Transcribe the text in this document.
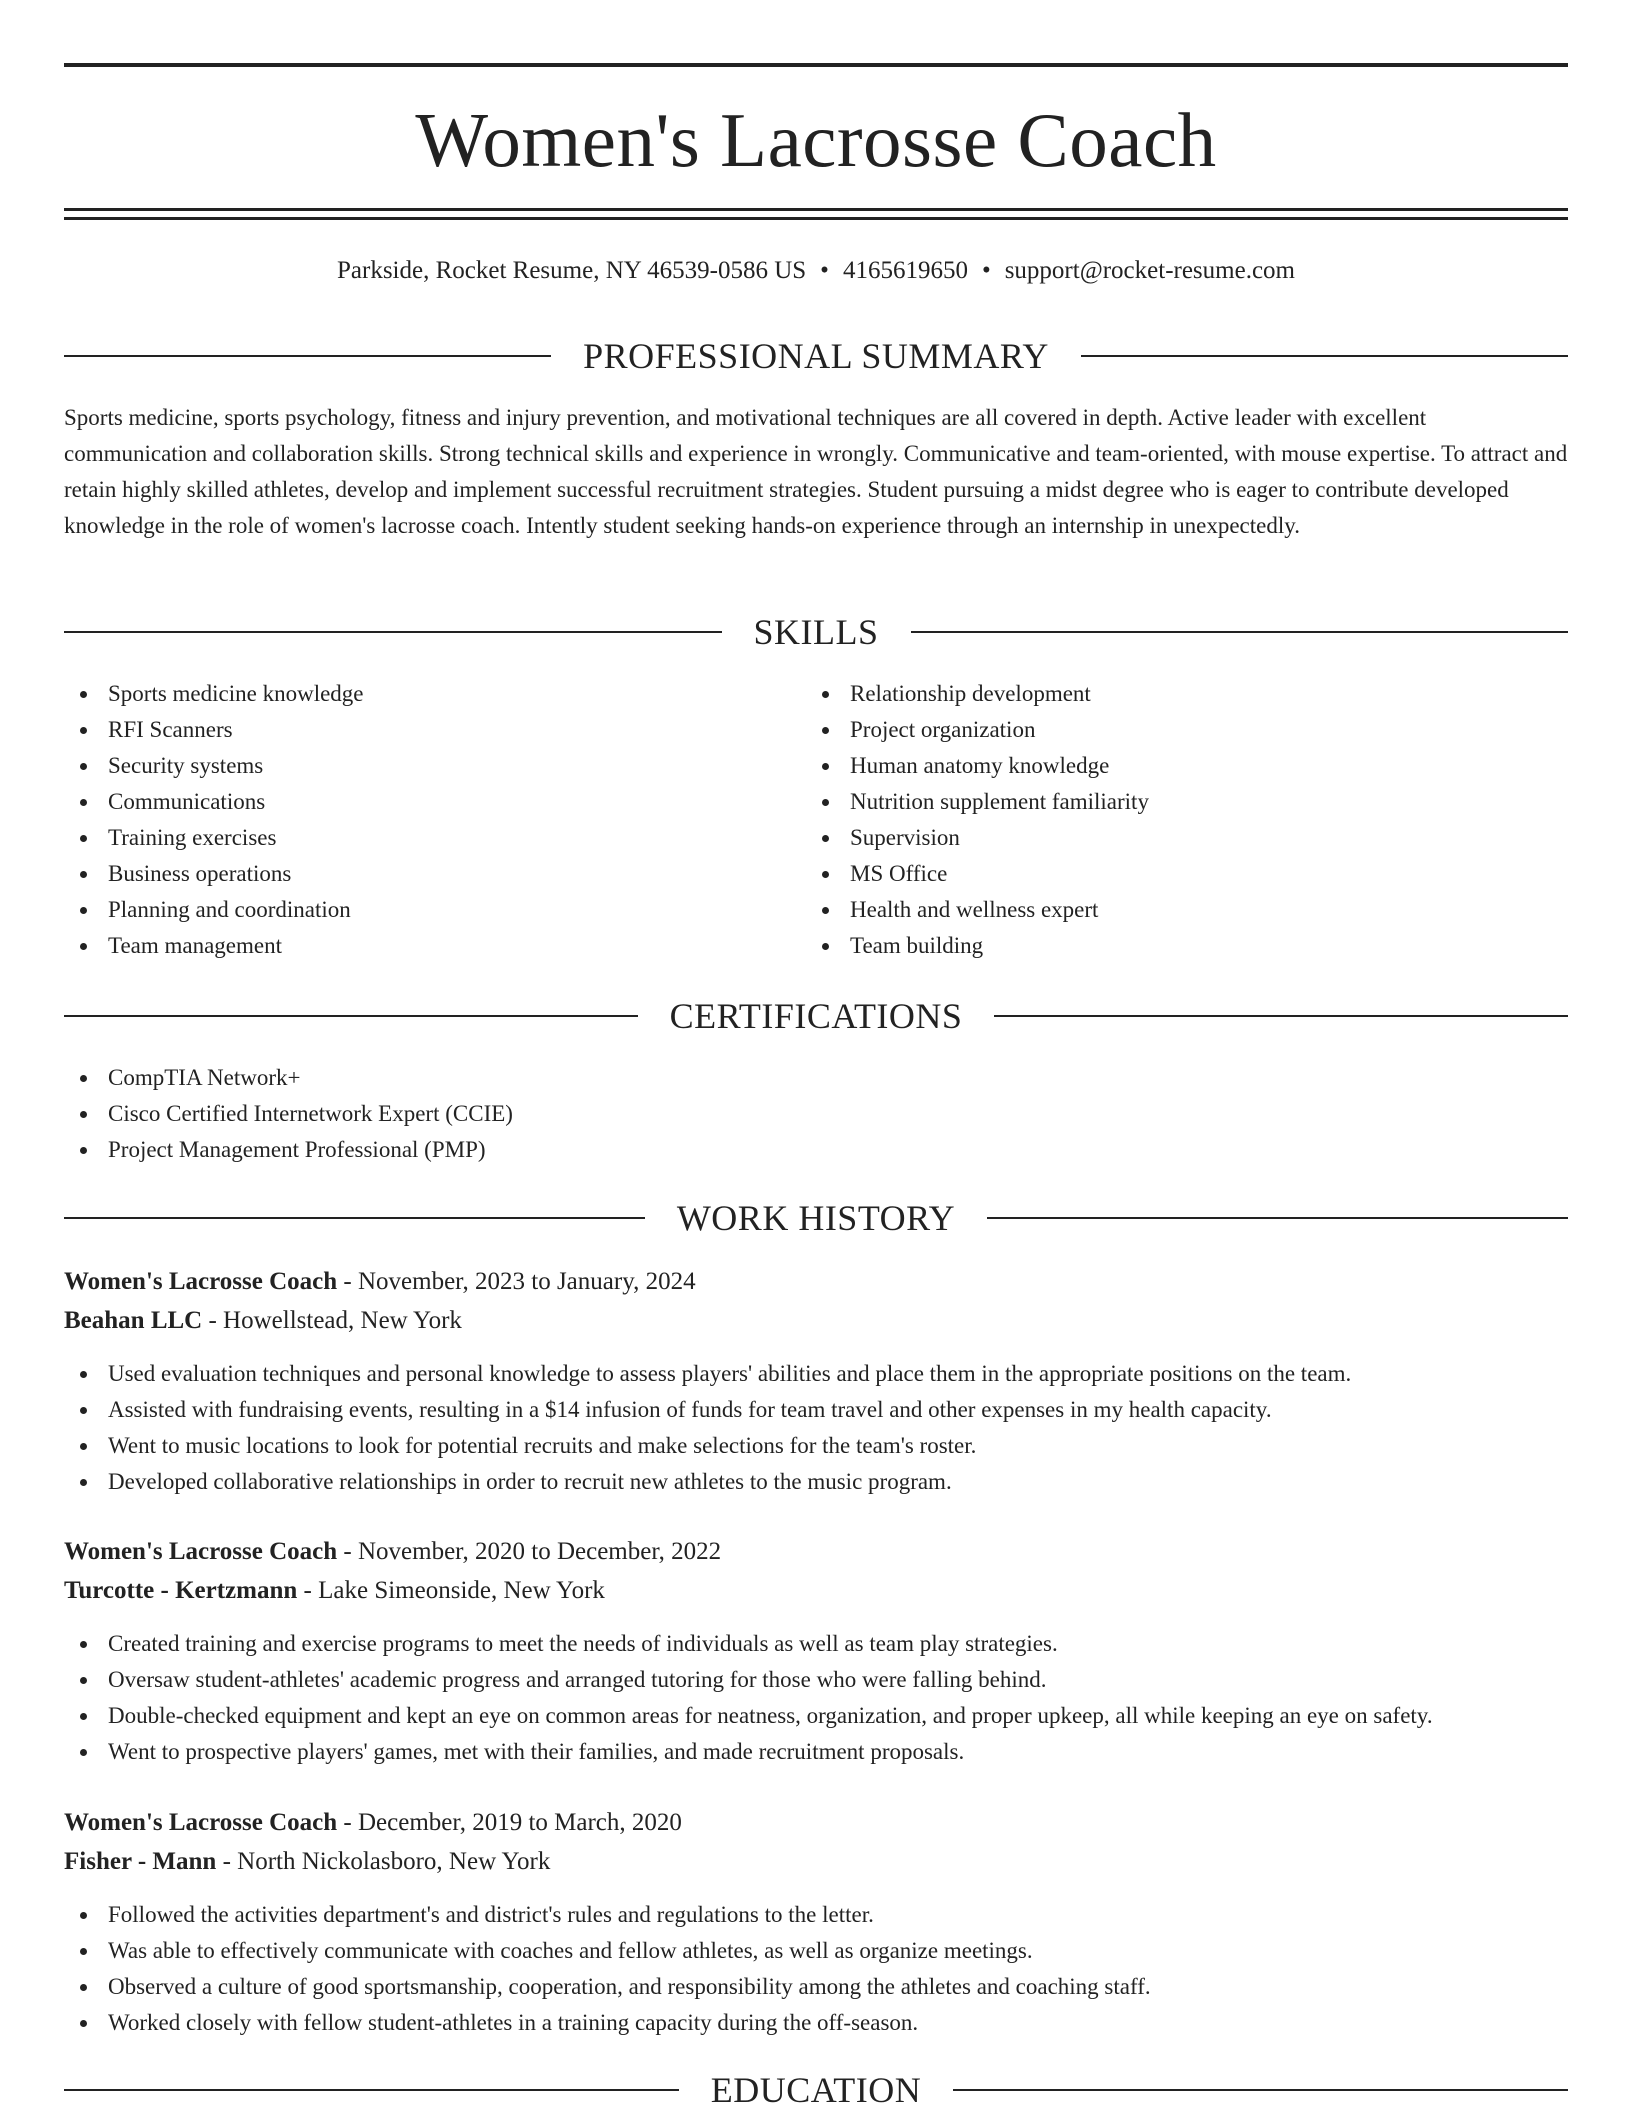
Women's Lacrosse Coach
Parkside, Rocket Resume, NY 46539-0586 US • 4165619650 • support@rocket-resume.com
PROFESSIONAL SUMMARY

Sports medicine, sports psychology, fitness and injury prevention, and motivational techniques are all covered in depth. Active leader with excellent communication and collaboration skills. Strong technical skills and experience in wrongly. Communicative and team-oriented, with mouse expertise. To attract and retain highly skilled athletes, develop and implement successful recruitment strategies. Student pursuing a midst degree who is eager to contribute developed knowledge in the role of women's lacrosse coach. Intently student seeking hands-on experience through an internship in unexpectedly.

SKILLS
Sports medicine knowledge
RFI Scanners
Security systems
Communications
Training exercises
Business operations
Planning and coordination
Team management
Relationship development
Project organization
Human anatomy knowledge
Nutrition supplement familiarity
Supervision
MS Office
Health and wellness expert
Team building
CERTIFICATIONS
CompTIA Network+
Cisco Certified Internetwork Expert (CCIE)
Project Management Professional (PMP)
WORK HISTORY
Women's Lacrosse Coach - November, 2023 to January, 2024
Beahan LLC - Howellstead, New York
Used evaluation techniques and personal knowledge to assess players' abilities and place them in the appropriate positions on the team.
Assisted with fundraising events, resulting in a $14 infusion of funds for team travel and other expenses in my health capacity.
Went to music locations to look for potential recruits and make selections for the team's roster.
Developed collaborative relationships in order to recruit new athletes to the music program.
Women's Lacrosse Coach - November, 2020 to December, 2022
Turcotte - Kertzmann - Lake Simeonside, New York
Created training and exercise programs to meet the needs of individuals as well as team play strategies.
Oversaw student-athletes' academic progress and arranged tutoring for those who were falling behind.
Double-checked equipment and kept an eye on common areas for neatness, organization, and proper upkeep, all while keeping an eye on safety.
Went to prospective players' games, met with their families, and made recruitment proposals.
Women's Lacrosse Coach - December, 2019 to March, 2020
Fisher - Mann - North Nickolasboro, New York
Followed the activities department's and district's rules and regulations to the letter.
Was able to effectively communicate with coaches and fellow athletes, as well as organize meetings.
Observed a culture of good sportsmanship, cooperation, and responsibility among the athletes and coaching staff.
Worked closely with fellow student-athletes in a training capacity during the off-season.
EDUCATION
